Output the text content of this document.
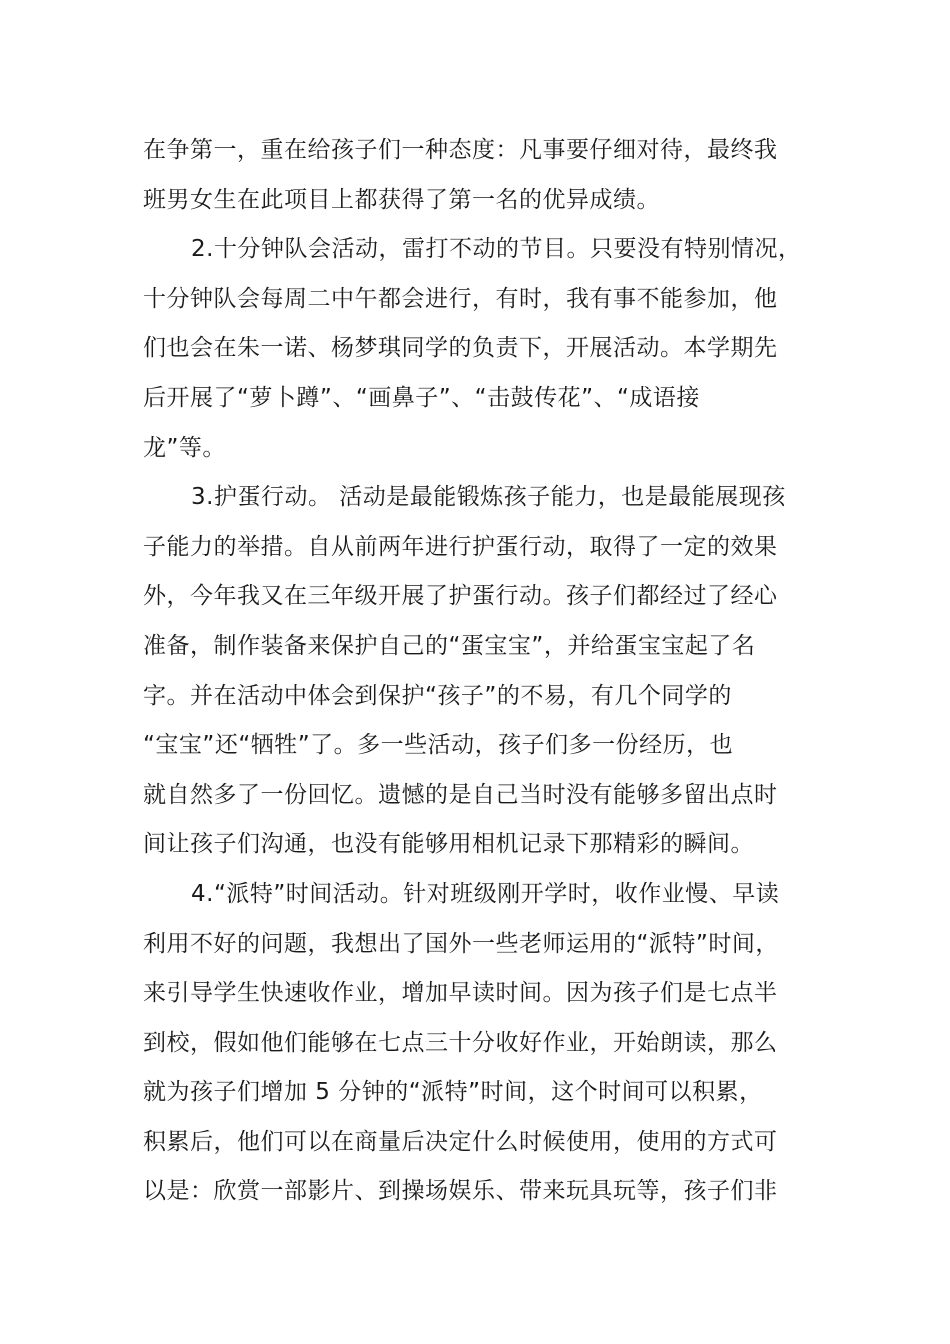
在争第一，重在给孩子们一种态度：凡事要仔细对待，最终我
班男女生在此项目上都获得了第一名的优异成绩。
2.十分钟队会活动，雷打不动的节目。只要没有特别情况，
十分钟队会每周二中午都会进行，有时，我有事不能参加，他
们也会在朱一诺、杨梦琪同学的负责下，开展活动。本学期先
后开展了“萝卜蹲”、“画鼻子”、“击鼓传花”、“成语接
龙”等。
3.护蛋行动。 活动是最能锻炼孩子能力，也是最能展现孩
子能力的举措。自从前两年进行护蛋行动，取得了一定的效果
外，今年我又在三年级开展了护蛋行动。孩子们都经过了经心
准备，制作装备来保护自己的“蛋宝宝”，并给蛋宝宝起了名
字。并在活动中体会到保护“孩子”的不易，有几个同学的
“宝宝”还“牺牲”了。多一些活动，孩子们多一份经历，也
就自然多了一份回忆。遗憾的是自己当时没有能够多留出点时
间让孩子们沟通，也没有能够用相机记录下那精彩的瞬间。
4.“派特”时间活动。针对班级刚开学时，收作业慢、早读
利用不好的问题，我想出了国外一些老师运用的“派特”时间，
来引导学生快速收作业，增加早读时间。因为孩子们是七点半
到校，假如他们能够在七点三十分收好作业，开始朗读，那么
就为孩子们增加 5 分钟的“派特”时间，这个时间可以积累，
积累后，他们可以在商量后决定什么时候使用，使用的方式可
以是：欣赏一部影片、到操场娱乐、带来玩具玩等，孩子们非
